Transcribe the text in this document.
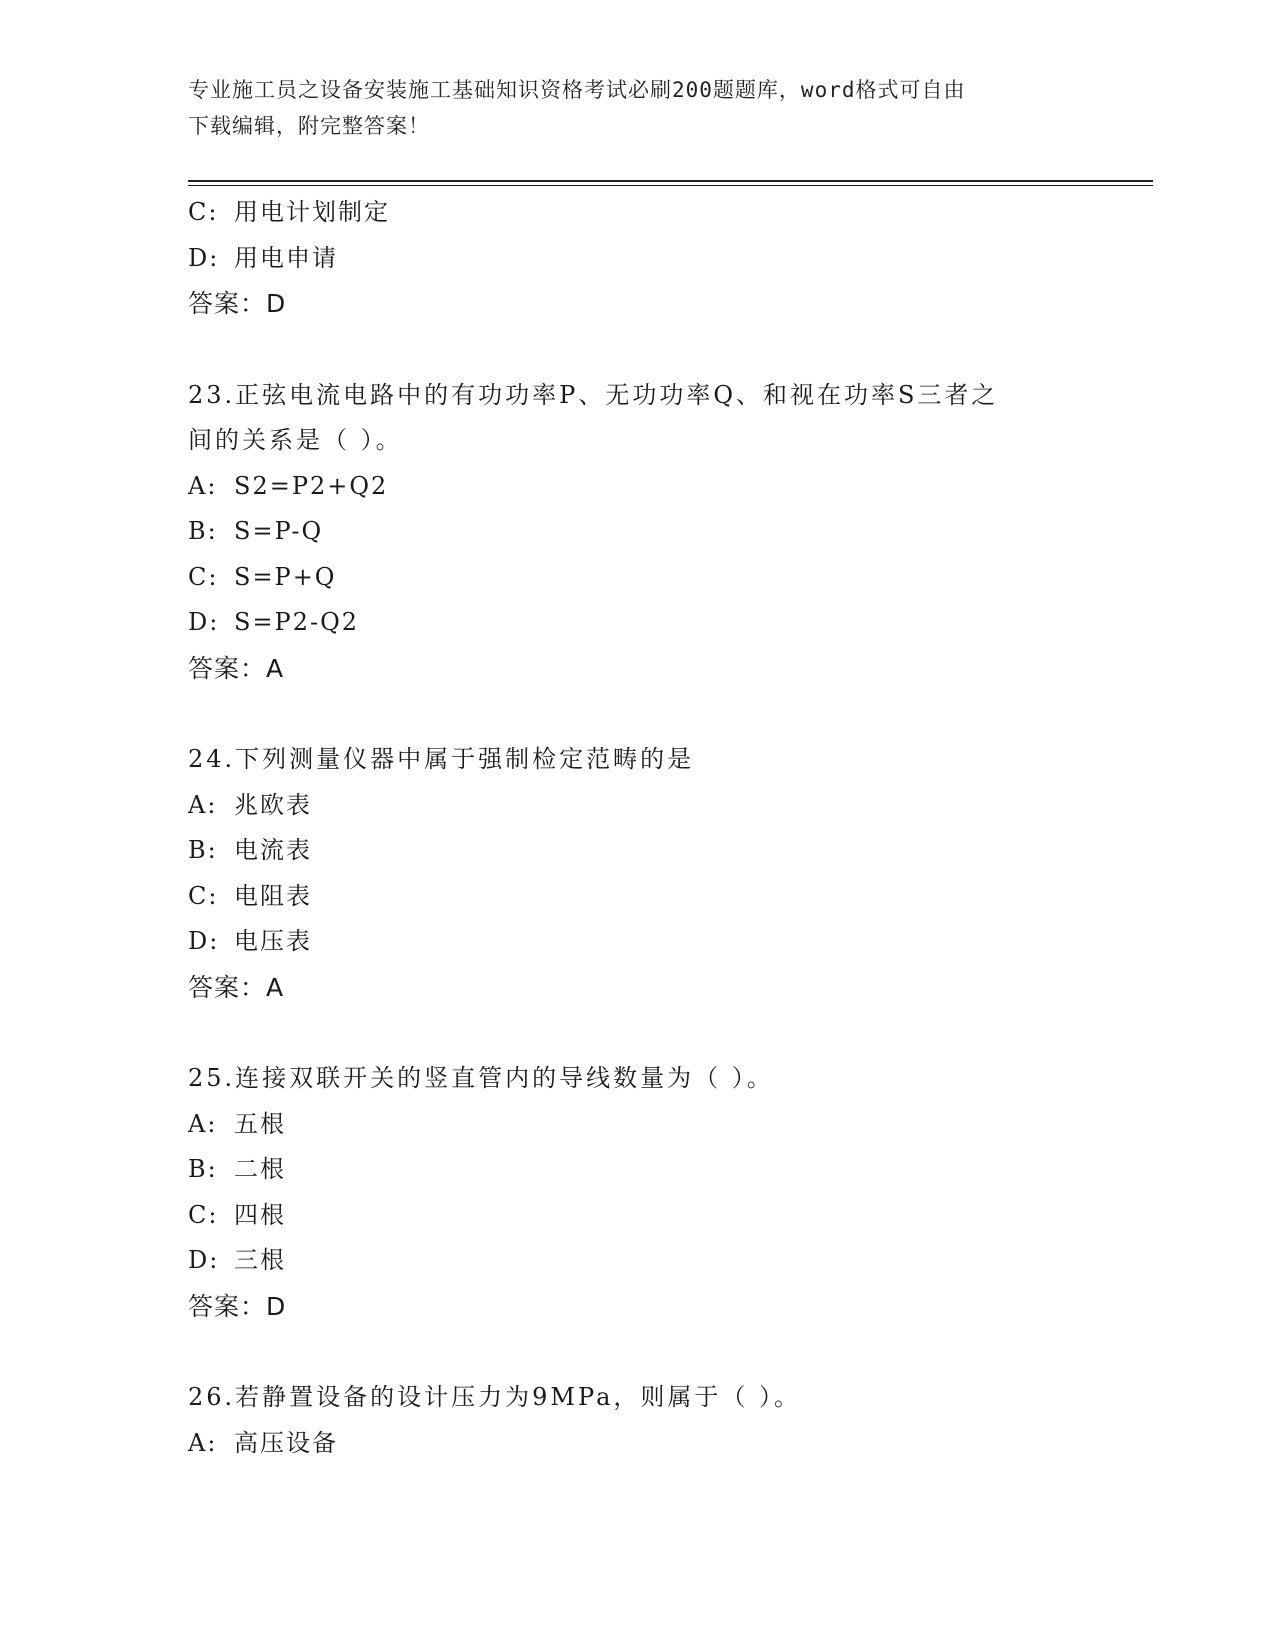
专业施工员之设备安装施工基础知识资格考试必刷200题题库，word格式可自由
下载编辑，附完整答案！
C: 用电计划制定
D: 用电申请
答案：D
23.正弦电流电路中的有功功率P、无功功率Q、和视在功率S三者之
间的关系是（ ）。
A: S2=P2+Q2
B: S=P-Q
C: S=P+Q
D: S=P2-Q2
答案：A
24.下列测量仪器中属于强制检定范畴的是
A: 兆欧表
B: 电流表
C: 电阻表
D: 电压表
答案：A
25.连接双联开关的竖直管内的导线数量为（ ）。
A: 五根
B: 二根
C: 四根
D: 三根
答案：D
26.若静置设备的设计压力为9MPa，则属于（ ）。
A: 高压设备
